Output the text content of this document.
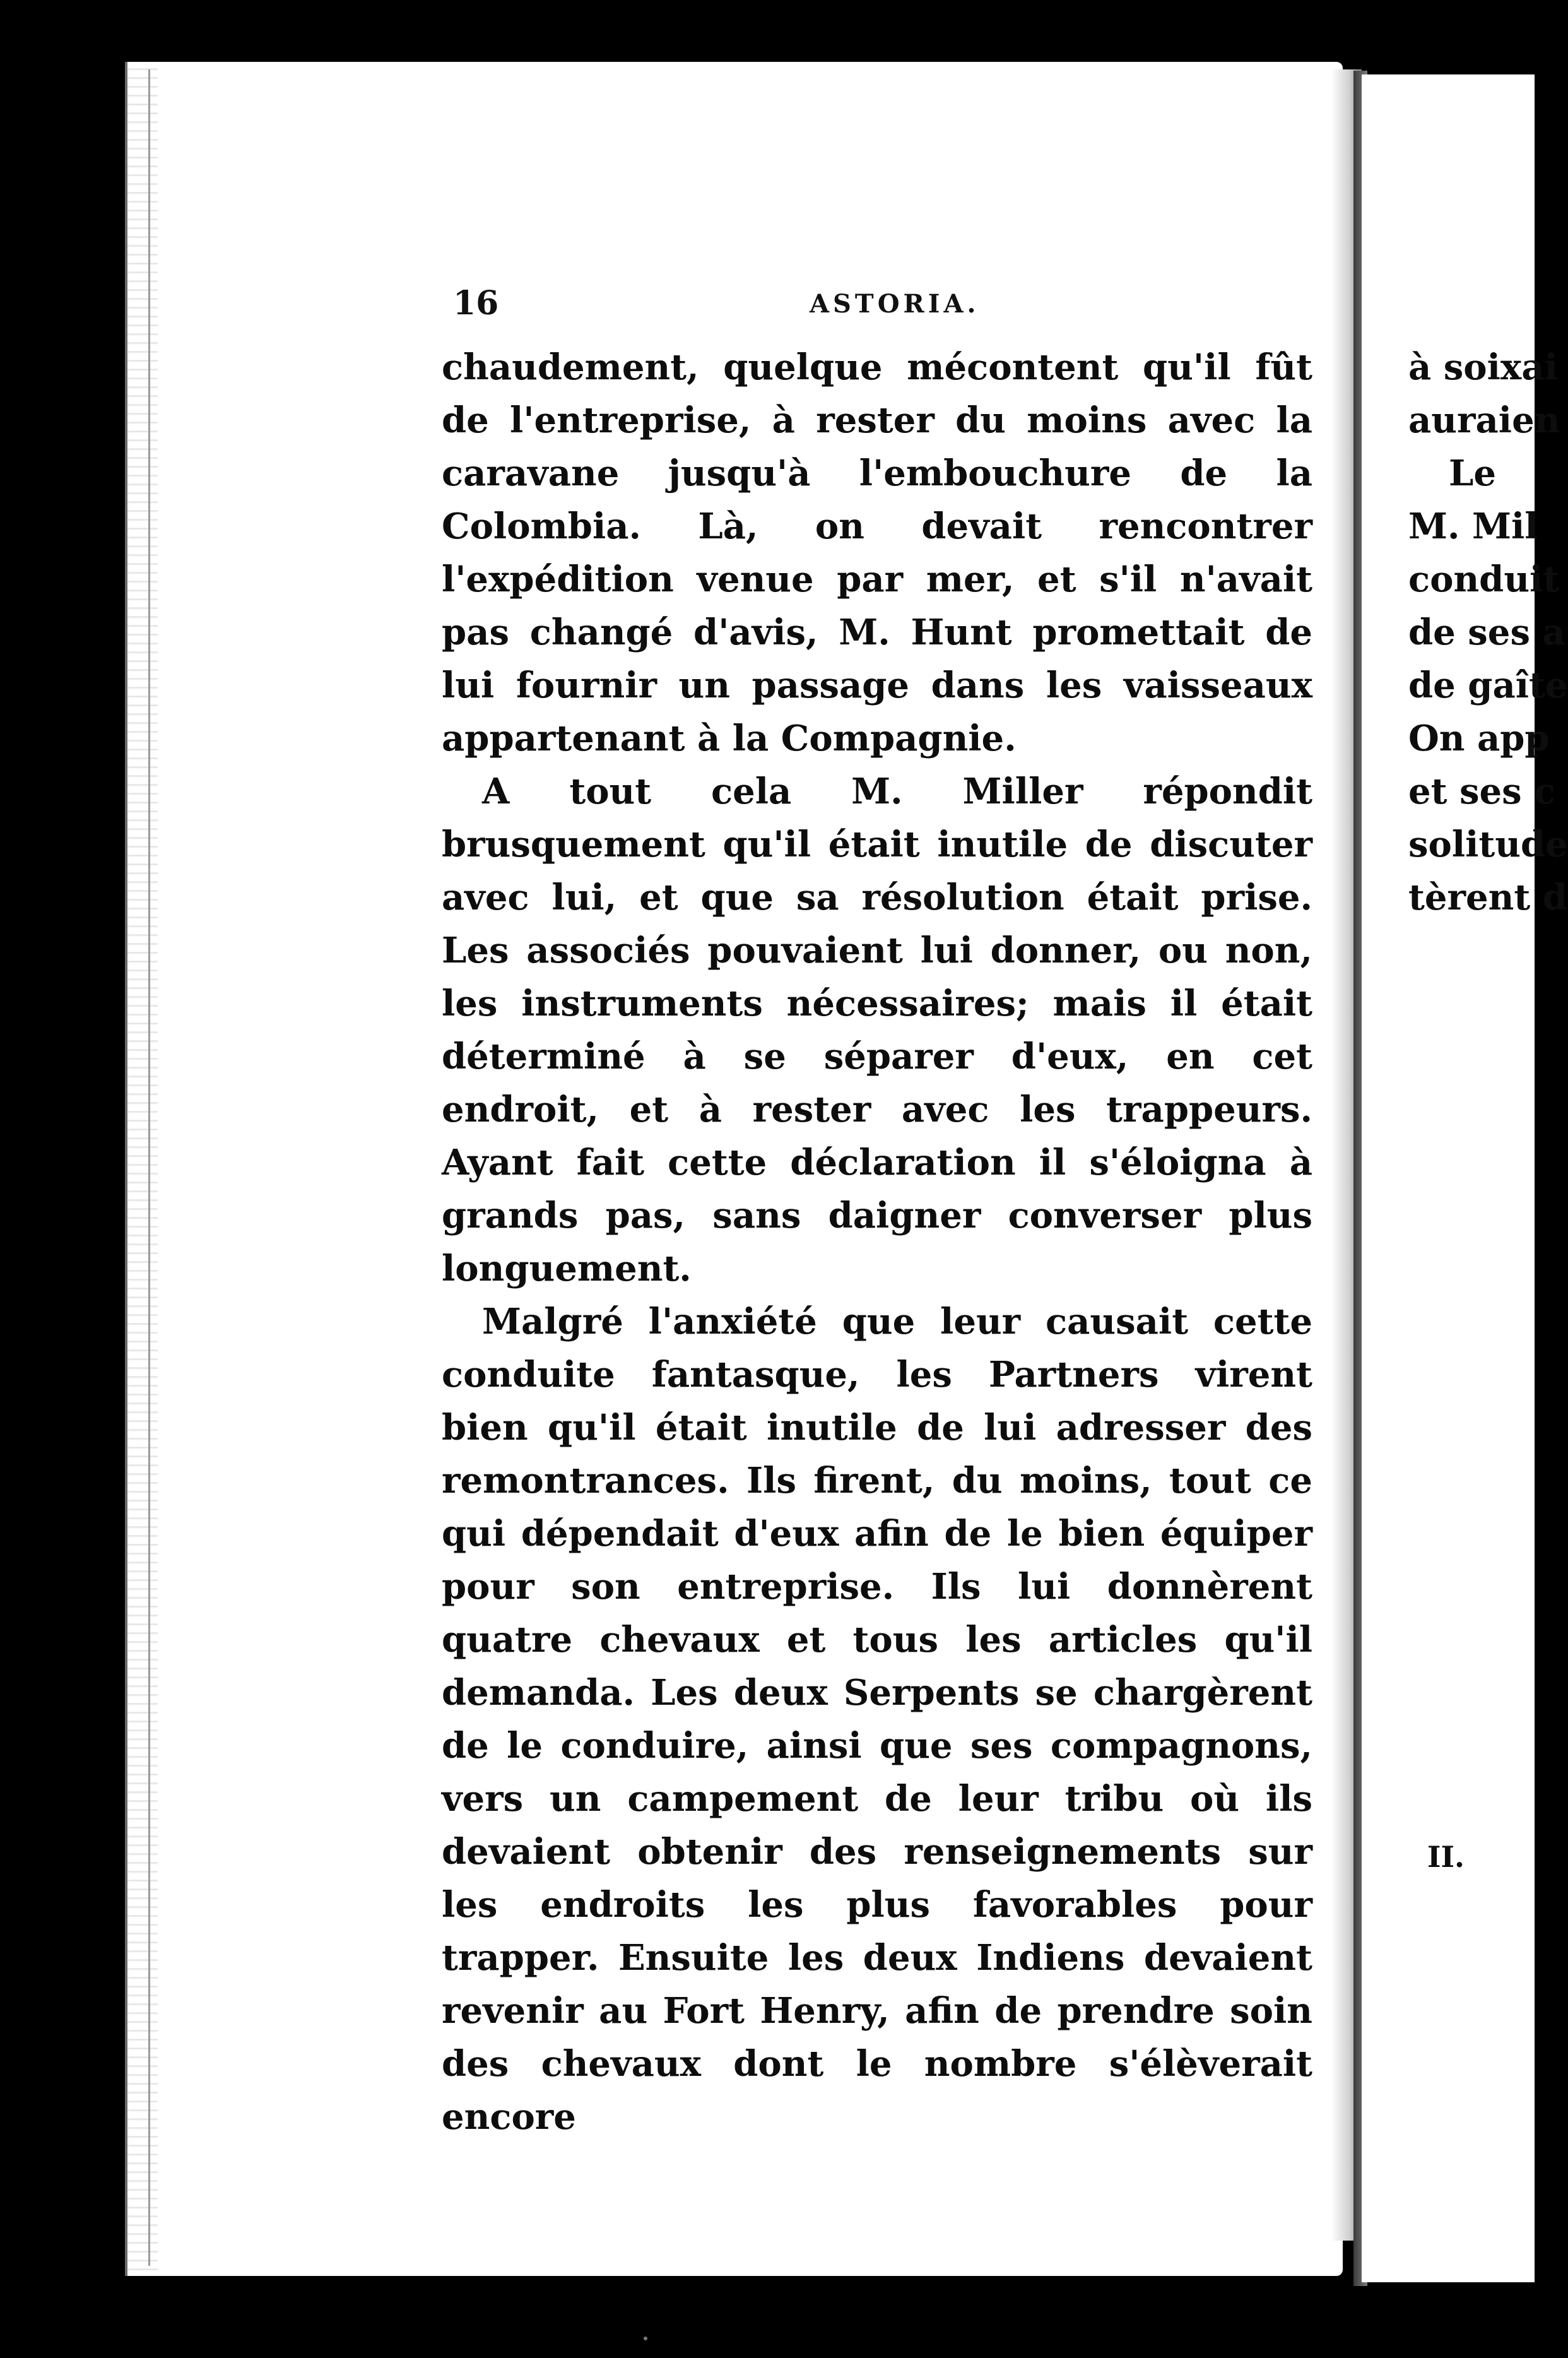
16	ASTORIA.

chaudement, quelque mécontent qu'il fût de l'entreprise, à rester du moins avec la caravane jusqu'à l'embouchure de la Colombia. Là, on devait rencontrer l'expédition venue par mer, et s'il n'avait pas changé d'avis, M. Hunt promettait de lui fournir un passage dans les vaisseaux appartenant à la Compagnie.

A tout cela M. Miller répondit brusquement qu'il était inutile de discuter avec lui, et que sa résolution était prise. Les associés pouvaient lui donner, ou non, les instruments nécessaires; mais il était déterminé à se séparer d'eux, en cet endroit, et à rester avec les trappeurs. Ayant fait cette déclaration il s'éloigna à grands pas, sans daigner converser plus longuement.

Malgré l'anxiété que leur causait cette conduite fantasque, les Partners virent bien qu'il était inutile de lui adresser des remontrances. Ils firent, du moins, tout ce qui dépendait d'eux afin de le bien équiper pour son entreprise. Ils lui donnèrent quatre chevaux et tous les articles qu'il demanda. Les deux Serpents se chargèrent de le conduire, ainsi que ses compagnons, vers un campement de leur tribu où ils devaient obtenir des renseignements sur les endroits les plus favorables pour trapper. Ensuite les deux Indiens devaient revenir au Fort Henry, afin de prendre soin des chevaux dont le nombre s'élèverait encore

à soixai
auraien
Le
M. Mil
conduit
de ses a
de gaîte
On app
et ses c
solitude
tèrent d
II.
